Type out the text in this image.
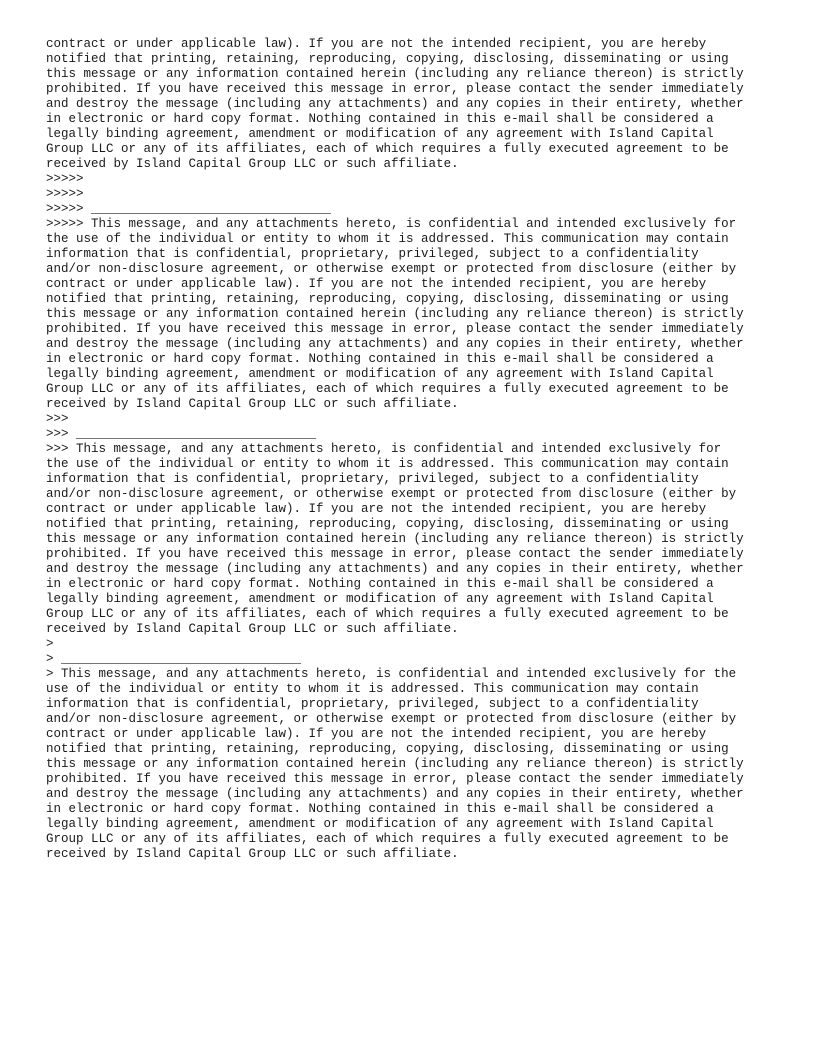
contract or under applicable law). If you are not the intended recipient, you are hereby
notified that printing, retaining, reproducing, copying, disclosing, disseminating or using
this message or any information contained herein (including any reliance thereon) is strictly
prohibited. If you have received this message in error, please contact the sender immediately
and destroy the message (including any attachments) and any copies in their entirety, whether
in electronic or hard copy format. Nothing contained in this e-mail shall be considered a
legally binding agreement, amendment or modification of any agreement with Island Capital
Group LLC or any of its affiliates, each of which requires a fully executed agreement to be
received by Island Capital Group LLC or such affiliate.
>>>>>
>>>>>
>>>>> ________________________________
>>>>> This message, and any attachments hereto, is confidential and intended exclusively for
the use of the individual or entity to whom it is addressed. This communication may contain
information that is confidential, proprietary, privileged, subject to a confidentiality
and/or non-disclosure agreement, or otherwise exempt or protected from disclosure (either by
contract or under applicable law). If you are not the intended recipient, you are hereby
notified that printing, retaining, reproducing, copying, disclosing, disseminating or using
this message or any information contained herein (including any reliance thereon) is strictly
prohibited. If you have received this message in error, please contact the sender immediately
and destroy the message (including any attachments) and any copies in their entirety, whether
in electronic or hard copy format. Nothing contained in this e-mail shall be considered a
legally binding agreement, amendment or modification of any agreement with Island Capital
Group LLC or any of its affiliates, each of which requires a fully executed agreement to be
received by Island Capital Group LLC or such affiliate.
>>>
>>> ________________________________
>>> This message, and any attachments hereto, is confidential and intended exclusively for
the use of the individual or entity to whom it is addressed. This communication may contain
information that is confidential, proprietary, privileged, subject to a confidentiality
and/or non-disclosure agreement, or otherwise exempt or protected from disclosure (either by
contract or under applicable law). If you are not the intended recipient, you are hereby
notified that printing, retaining, reproducing, copying, disclosing, disseminating or using
this message or any information contained herein (including any reliance thereon) is strictly
prohibited. If you have received this message in error, please contact the sender immediately
and destroy the message (including any attachments) and any copies in their entirety, whether
in electronic or hard copy format. Nothing contained in this e-mail shall be considered a
legally binding agreement, amendment or modification of any agreement with Island Capital
Group LLC or any of its affiliates, each of which requires a fully executed agreement to be
received by Island Capital Group LLC or such affiliate.
>
> ________________________________
> This message, and any attachments hereto, is confidential and intended exclusively for the
use of the individual or entity to whom it is addressed. This communication may contain
information that is confidential, proprietary, privileged, subject to a confidentiality
and/or non-disclosure agreement, or otherwise exempt or protected from disclosure (either by
contract or under applicable law). If you are not the intended recipient, you are hereby
notified that printing, retaining, reproducing, copying, disclosing, disseminating or using
this message or any information contained herein (including any reliance thereon) is strictly
prohibited. If you have received this message in error, please contact the sender immediately
and destroy the message (including any attachments) and any copies in their entirety, whether
in electronic or hard copy format. Nothing contained in this e-mail shall be considered a
legally binding agreement, amendment or modification of any agreement with Island Capital
Group LLC or any of its affiliates, each of which requires a fully executed agreement to be
received by Island Capital Group LLC or such affiliate.
